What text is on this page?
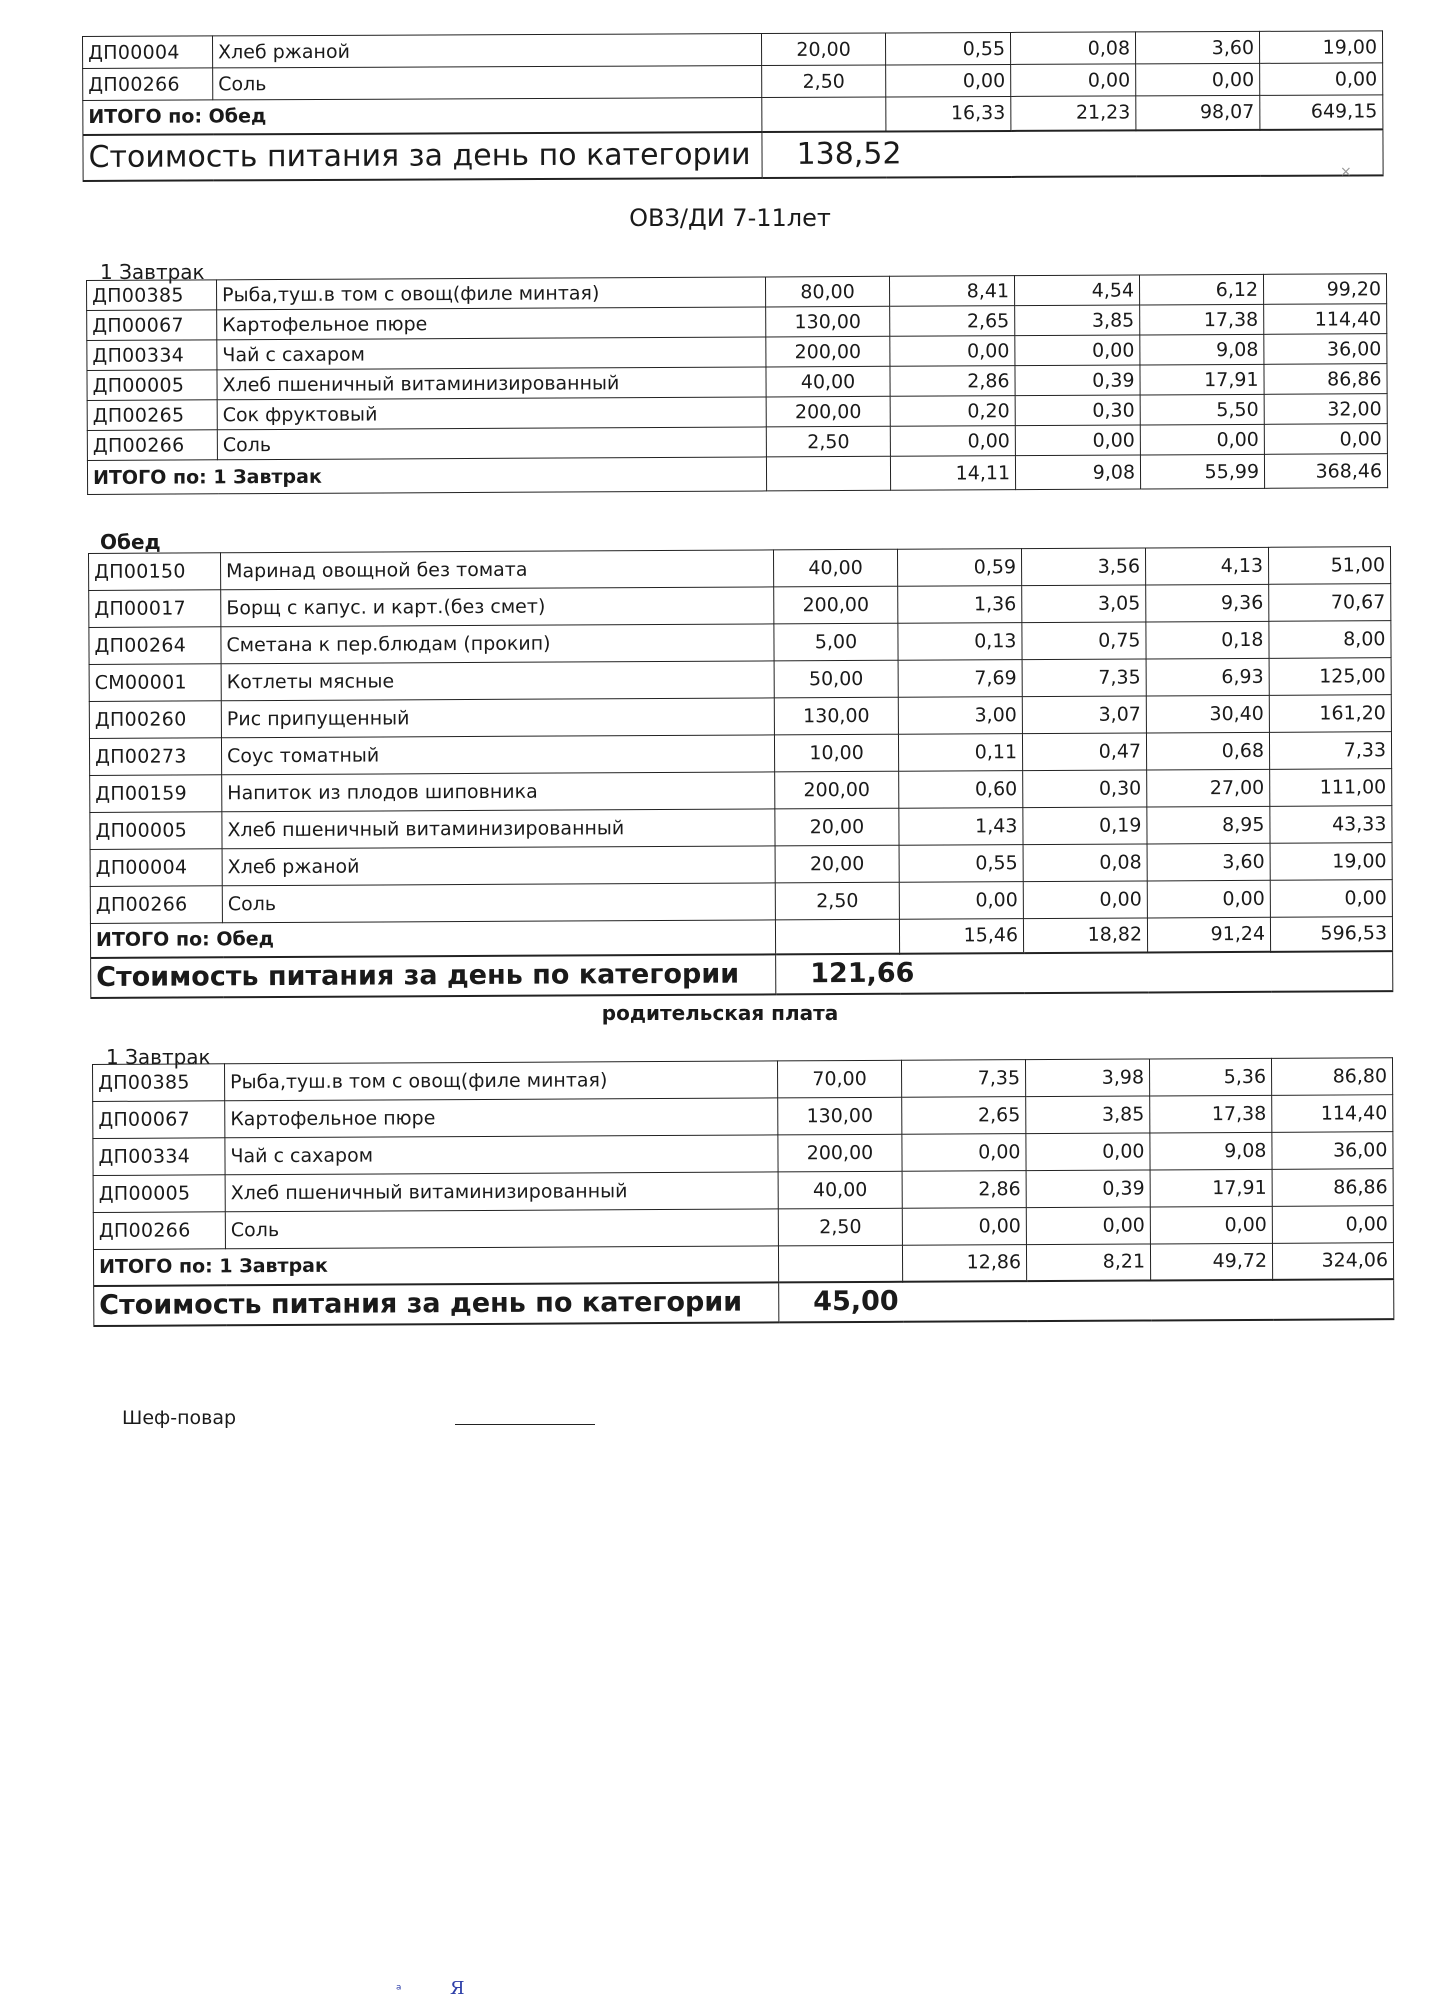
ДП00004	Хлеб ржаной	20,00	0,55	0,08	3,60	19,00
ДП00266	Соль	2,50	0,00	0,00	0,00	0,00
ИТОГО по: Обед			16,33	21,23	98,07	649,15
Стоимость питания за день по категории		138,52				
ОВЗ/ДИ 7-11лет
1 Завтрак
ДП00385	Рыба,туш.в том с овощ(филе минтая)	80,00	8,41	4,54	6,12	99,20
ДП00067	Картофельное пюре	130,00	2,65	3,85	17,38	114,40
ДП00334	Чай с сахаром	200,00	0,00	0,00	9,08	36,00
ДП00005	Хлеб пшеничный витаминизированный	40,00	2,86	0,39	17,91	86,86
ДП00265	Сок фруктовый	200,00	0,20	0,30	5,50	32,00
ДП00266	Соль	2,50	0,00	0,00	0,00	0,00
ИТОГО по: 1 Завтрак			14,11	9,08	55,99	368,46
Обед
ДП00150	Маринад овощной без томата	40,00	0,59	3,56	4,13	51,00
ДП00017	Борщ с капус. и карт.(без смет)	200,00	1,36	3,05	9,36	70,67
ДП00264	Сметана к пер.блюдам (прокип)	5,00	0,13	0,75	0,18	8,00
СМ00001	Котлеты мясные	50,00	7,69	7,35	6,93	125,00
ДП00260	Рис припущенный	130,00	3,00	3,07	30,40	161,20
ДП00273	Соус томатный	10,00	0,11	0,47	0,68	7,33
ДП00159	Напиток из плодов шиповника	200,00	0,60	0,30	27,00	111,00
ДП00005	Хлеб пшеничный витаминизированный	20,00	1,43	0,19	8,95	43,33
ДП00004	Хлеб ржаной	20,00	0,55	0,08	3,60	19,00
ДП00266	Соль	2,50	0,00	0,00	0,00	0,00
ИТОГО по: Обед			15,46	18,82	91,24	596,53
Стоимость питания за день по категории		121,66				
родительская плата
1 Завтрак
ДП00385	Рыба,туш.в том с овощ(филе минтая)	70,00	7,35	3,98	5,36	86,80
ДП00067	Картофельное пюре	130,00	2,65	3,85	17,38	114,40
ДП00334	Чай с сахаром	200,00	0,00	0,00	9,08	36,00
ДП00005	Хлеб пшеничный витаминизированный	40,00	2,86	0,39	17,91	86,86
ДП00266	Соль	2,50	0,00	0,00	0,00	0,00
ИТОГО по: 1 Завтрак			12,86	8,21	49,72	324,06
Стоимость питания за день по категории		45,00				
Шеф-повар
Я
×
ᵃ
